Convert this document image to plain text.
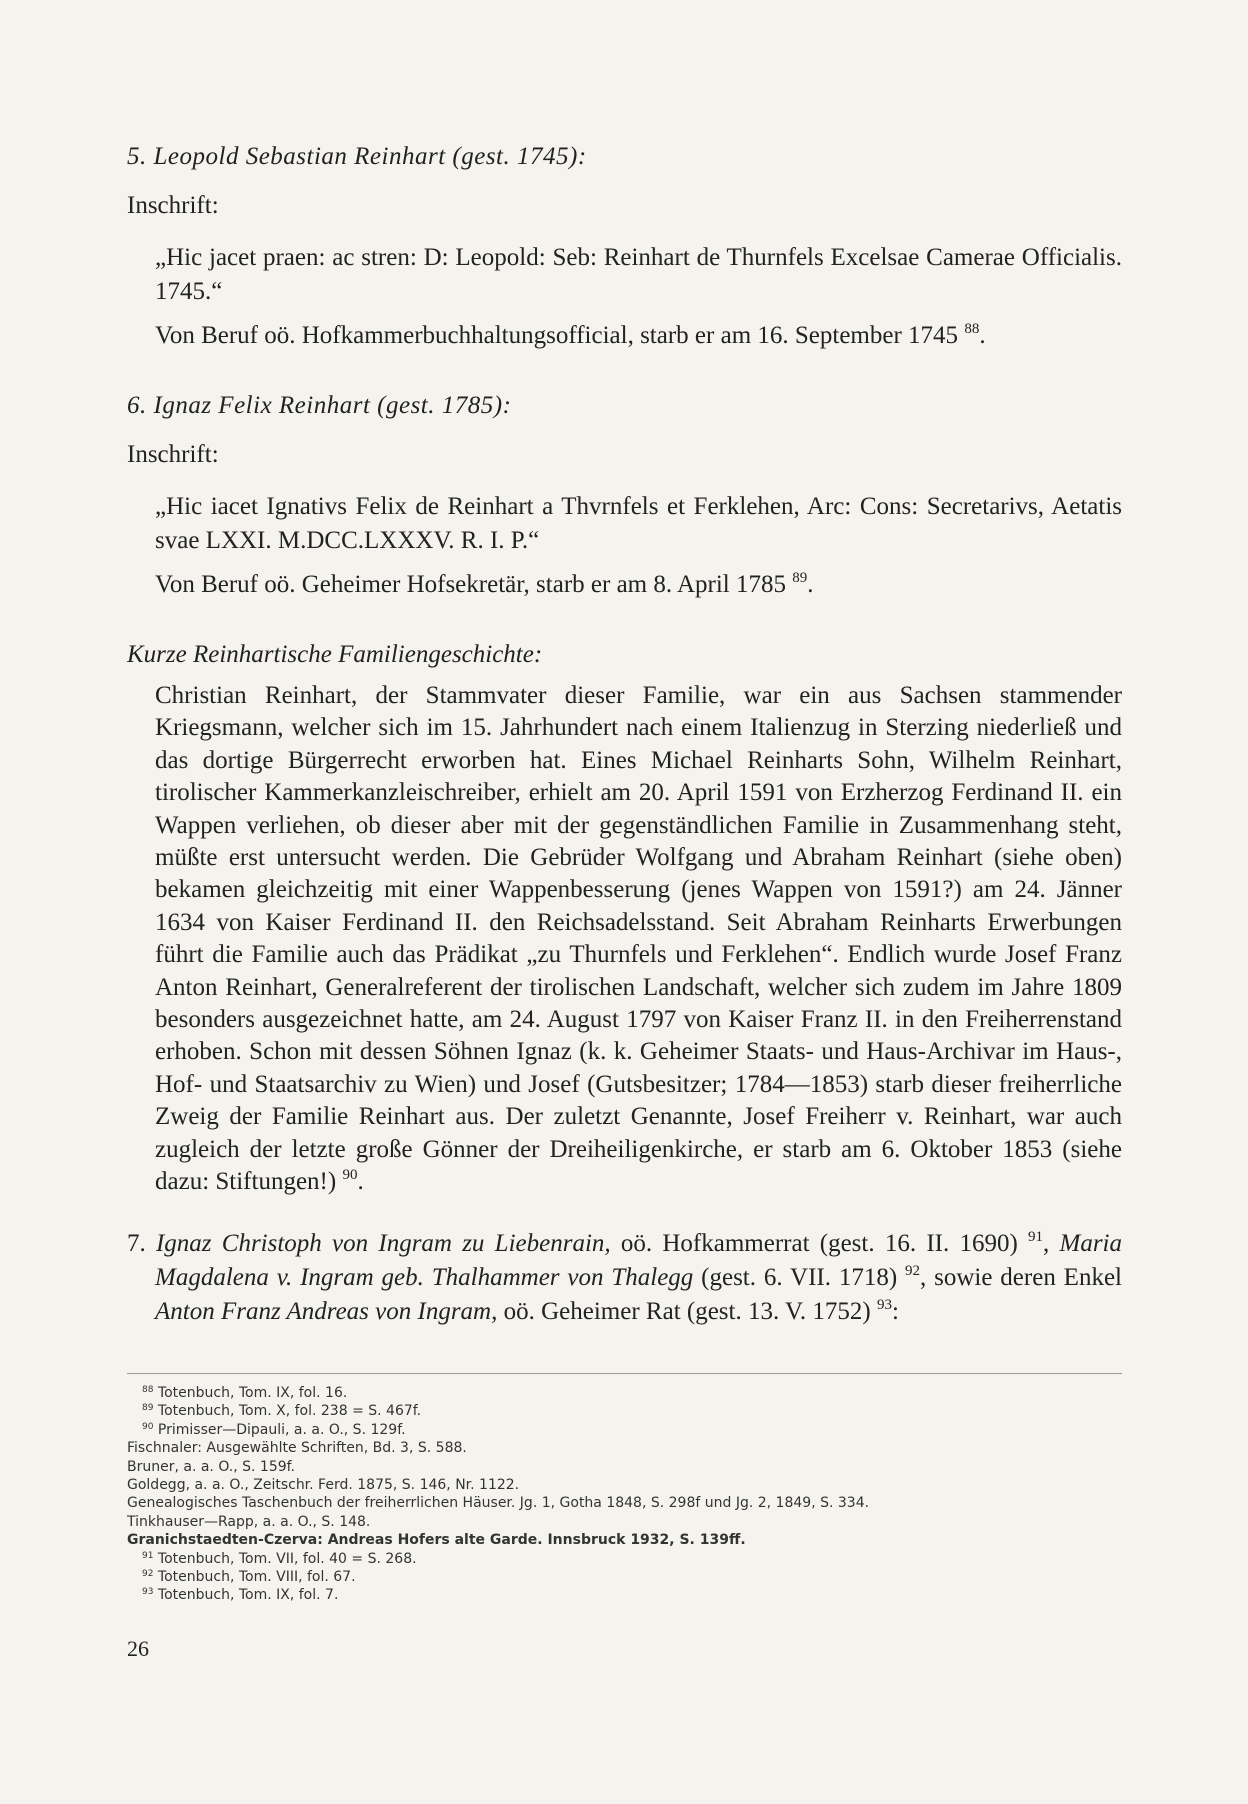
5. Leopold Sebastian Reinhart (gest. 1745):

Inschrift:

„Hic jacet praen: ac stren: D: Leopold: Seb: Reinhart de Thurnfels Excelsae Camerae Officialis. 1745.“

Von Beruf oö. Hofkammerbuchhaltungsofficial, starb er am 16. September 1745 $^{88}$.

6. Ignaz Felix Reinhart (gest. 1785):

Inschrift:

„Hic iacet Ignativs Felix de Reinhart a Thvrnfels et Ferklehen, Arc: Cons: Secretarivs, Aetatis svae LXXI. M.DCC.LXXXV. R. I. P.“

Von Beruf oö. Geheimer Hofsekretär, starb er am 8. April 1785 $^{89}$.

Kurze Reinhartische Familiengeschichte:

Christian Reinhart, der Stammvater dieser Familie, war ein aus Sachsen stammender Kriegsmann, welcher sich im 15. Jahrhundert nach einem Italienzug in Sterzing niederließ und das dortige Bürgerrecht erworben hat. Eines Michael Reinharts Sohn, Wilhelm Reinhart, tirolischer Kammerkanzleischreiber, erhielt am 20. April 1591 von Erzherzog Ferdinand II. ein Wappen verliehen, ob dieser aber mit der gegenständlichen Familie in Zusammenhang steht, müßte erst untersucht werden. Die Gebrüder Wolfgang und Abraham Reinhart (siehe oben) bekamen gleichzeitig mit einer Wappenbesserung (jenes Wappen von 1591?) am 24. Jänner 1634 von Kaiser Ferdinand II. den Reichsadelsstand. Seit Abraham Reinharts Erwerbungen führt die Familie auch das Prädikat „zu Thurnfels und Ferklehen“. Endlich wurde Josef Franz Anton Reinhart, Generalreferent der tirolischen Landschaft, welcher sich zudem im Jahre 1809 besonders ausgezeichnet hatte, am 24. August 1797 von Kaiser Franz II. in den Freiherrenstand erhoben. Schon mit dessen Söhnen Ignaz (k. k. Geheimer Staats- und Haus-Archivar im Haus-, Hof- und Staatsarchiv zu Wien) und Josef (Gutsbesitzer; 1784—1853) starb dieser freiherrliche Zweig der Familie Reinhart aus. Der zuletzt Genannte, Josef Freiherr v. Reinhart, war auch zugleich der letzte große Gönner der Dreiheiligenkirche, er starb am 6. Oktober 1853 (siehe dazu: Stiftungen!) $^{90}$.

7. Ignaz Christoph von Ingram zu Liebenrain, oö. Hofkammerrat (gest. 16. II. 1690) $^{91}$, Maria Magdalena v. Ingram geb. Thalhammer von Thalegg (gest. 6. VII. 1718) $^{92}$, sowie deren Enkel Anton Franz Andreas von Ingram, oö. Geheimer Rat (gest. 13. V. 1752) $^{93}$:

$^{88}$ Totenbuch, Tom. IX, fol. 16.

$^{89}$ Totenbuch, Tom. X, fol. 238 = S. 467f.

$^{90}$ Primisser—Dipauli, a. a. O., S. 129f.

Fischnaler: Ausgewählte Schriften, Bd. 3, S. 588.

Bruner, a. a. O., S. 159f.

Goldegg, a. a. O., Zeitschr. Ferd. 1875, S. 146, Nr. 1122.

Genealogisches Taschenbuch der freiherrlichen Häuser. Jg. 1, Gotha 1848, S. 298f und Jg. 2, 1849, S. 334.

Tinkhauser—Rapp, a. a. O., S. 148.

Granichstaedten-Czerva: Andreas Hofers alte Garde. Innsbruck 1932, S. 139ff.

$^{91}$ Totenbuch, Tom. VII, fol. 40 = S. 268.

$^{92}$ Totenbuch, Tom. VIII, fol. 67.

$^{93}$ Totenbuch, Tom. IX, fol. 7.

26
